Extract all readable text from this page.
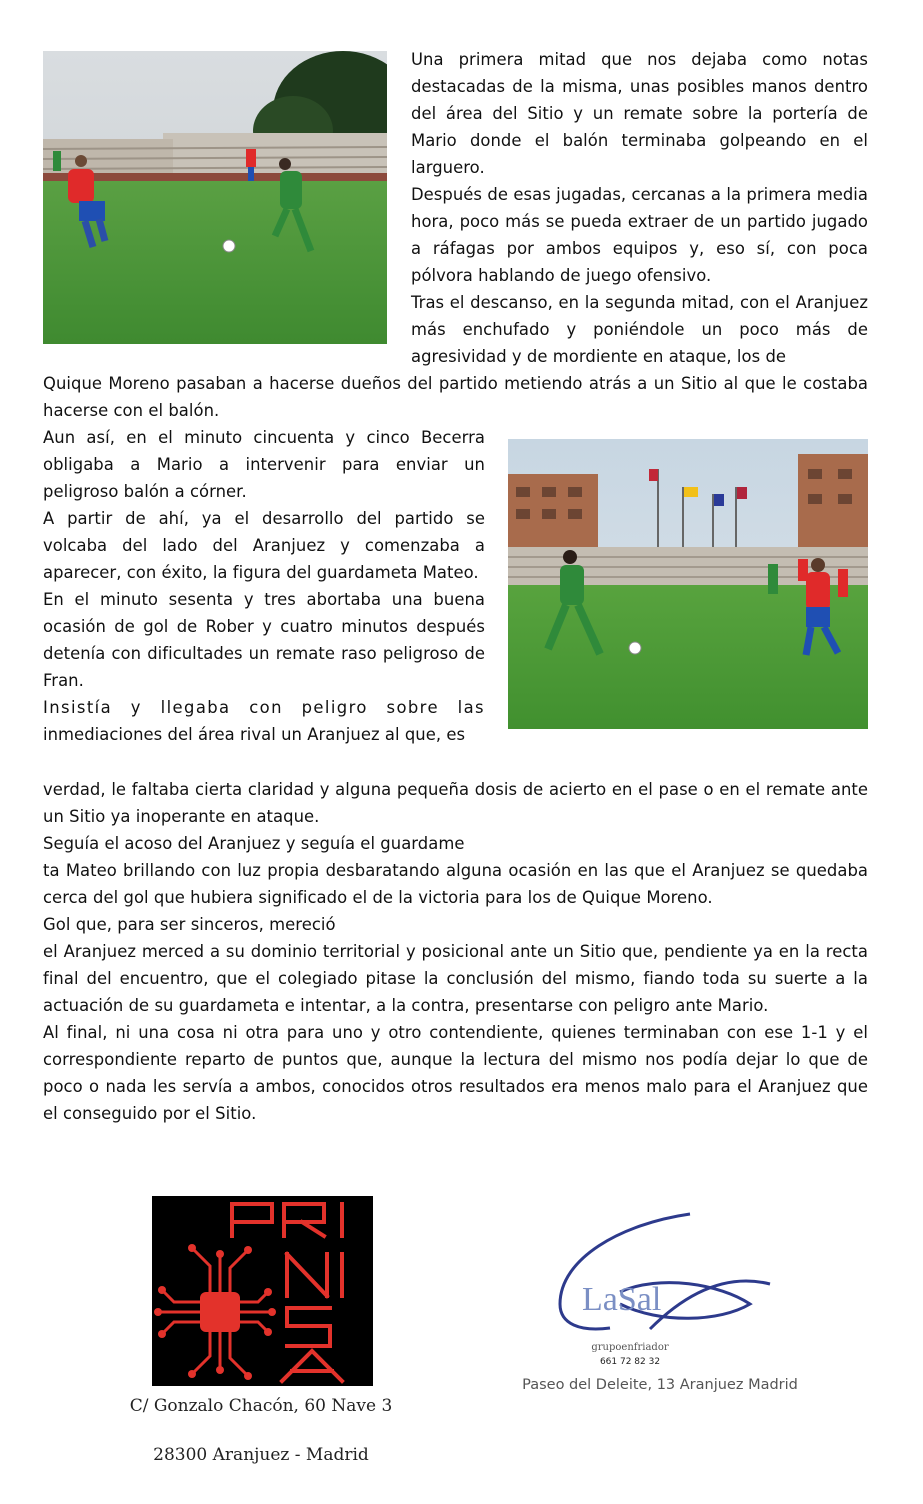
Una primera mitad que nos dejaba como notas destacadas de la misma, unas posibles manos dentro del área del Sitio y un remate sobre la portería de Mario donde el balón terminaba golpeando en el larguero.

Después de esas jugadas, cercanas a la primera media hora, poco más se pueda extraer de un partido jugado a ráfagas por ambos equipos y, eso sí, con poca pólvora hablando de juego ofensivo.

Tras el descanso, en la segunda mitad, con el Aranjuez más enchufado y poniéndole un poco más de agresividad y de mordiente en ataque, los de

Quique Moreno pasaban a hacerse dueños del partido metiendo atrás a un Sitio al que le costaba hacerse con el balón.

Aun así, en el minuto cincuenta y cinco Becerra obligaba a Mario a intervenir para enviar un peligroso balón a córner.

A partir de ahí, ya el desarrollo del partido se volcaba del lado del Aranjuez y comenzaba a aparecer, con éxito, la figura del guardameta Mateo.

En el minuto sesenta y tres abortaba una buena ocasión de gol de Rober y cuatro minutos después detenía con dificultades un remate raso peligroso de Fran.

Insistía y llegaba con peligro sobre las

inmediaciones del área rival un Aranjuez al que, es

verdad, le faltaba cierta claridad y alguna pequeña dosis de acierto en el pase o en el remate ante un Sitio ya inoperante en ataque.

Seguía el acoso del Aranjuez y seguía el guardame

ta Mateo brillando con luz propia desbaratando alguna ocasión en las que el Aranjuez se quedaba cerca del gol que hubiera significado el de la victoria para los de Quique Moreno.

Gol que, para ser sinceros, mereció

el Aranjuez merced a su dominio territorial y posicional ante un Sitio que, pendiente ya en la recta final del encuentro, que el colegiado pitase la conclusión del mismo, fiando toda su suerte a la actuación de su guardameta e intentar, a la contra, presentarse con peligro ante Mario.

Al final, ni una cosa ni otra para uno y otro contendiente, quienes terminaban con ese 1-1 y el correspondiente reparto de puntos que, aunque la lectura del mismo nos podía dejar lo que de poco o nada les servía a ambos, conocidos otros resultados era menos malo para el Aranjuez que el conseguido por el Sitio.

C/ Gonzalo Chacón, 60 Nave 3
28300 Aranjuez - Madrid
LaSal
grupoenfriador
661 72 82 32
Paseo del Deleite, 13 Aranjuez Madrid
